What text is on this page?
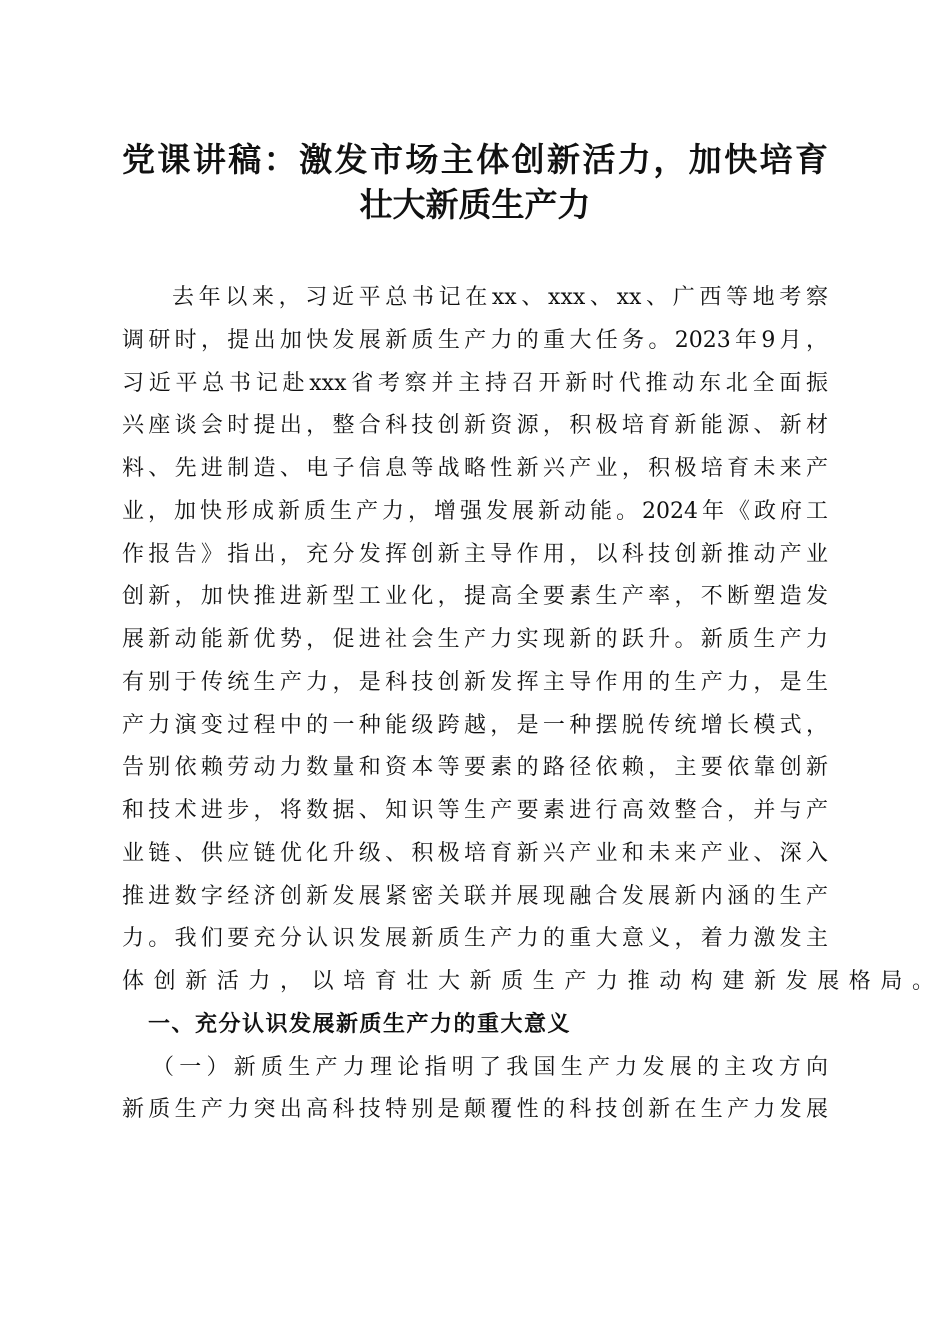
党课讲稿：激发市场主体创新活力，加快培育
壮大新质生产力
去年以来，习近平总书记在xx、xxx、xx、广西等地考察
调研时，提出加快发展新质生产力的重大任务。2023年9月，
习近平总书记赴xxx省考察并主持召开新时代推动东北全面振
兴座谈会时提出，整合科技创新资源，积极培育新能源、新材
料、先进制造、电子信息等战略性新兴产业，积极培育未来产
业，加快形成新质生产力，增强发展新动能。2024年《政府工
作报告》指出，充分发挥创新主导作用，以科技创新推动产业
创新，加快推进新型工业化，提高全要素生产率，不断塑造发
展新动能新优势，促进社会生产力实现新的跃升。新质生产力
有别于传统生产力，是科技创新发挥主导作用的生产力，是生
产力演变过程中的一种能级跨越，是一种摆脱传统增长模式，
告别依赖劳动力数量和资本等要素的路径依赖，主要依靠创新
和技术进步，将数据、知识等生产要素进行高效整合，并与产
业链、供应链优化升级、积极培育新兴产业和未来产业、深入
推进数字经济创新发展紧密关联并展现融合发展新内涵的生产
力。我们要充分认识发展新质生产力的重大意义，着力激发主
体创新活力，以培育壮大新质生产力推动构建新发展格局。
一、充分认识发展新质生产力的重大意义
（一）新质生产力理论指明了我国生产力发展的主攻方向
新质生产力突出高科技特别是颠覆性的科技创新在生产力发展
